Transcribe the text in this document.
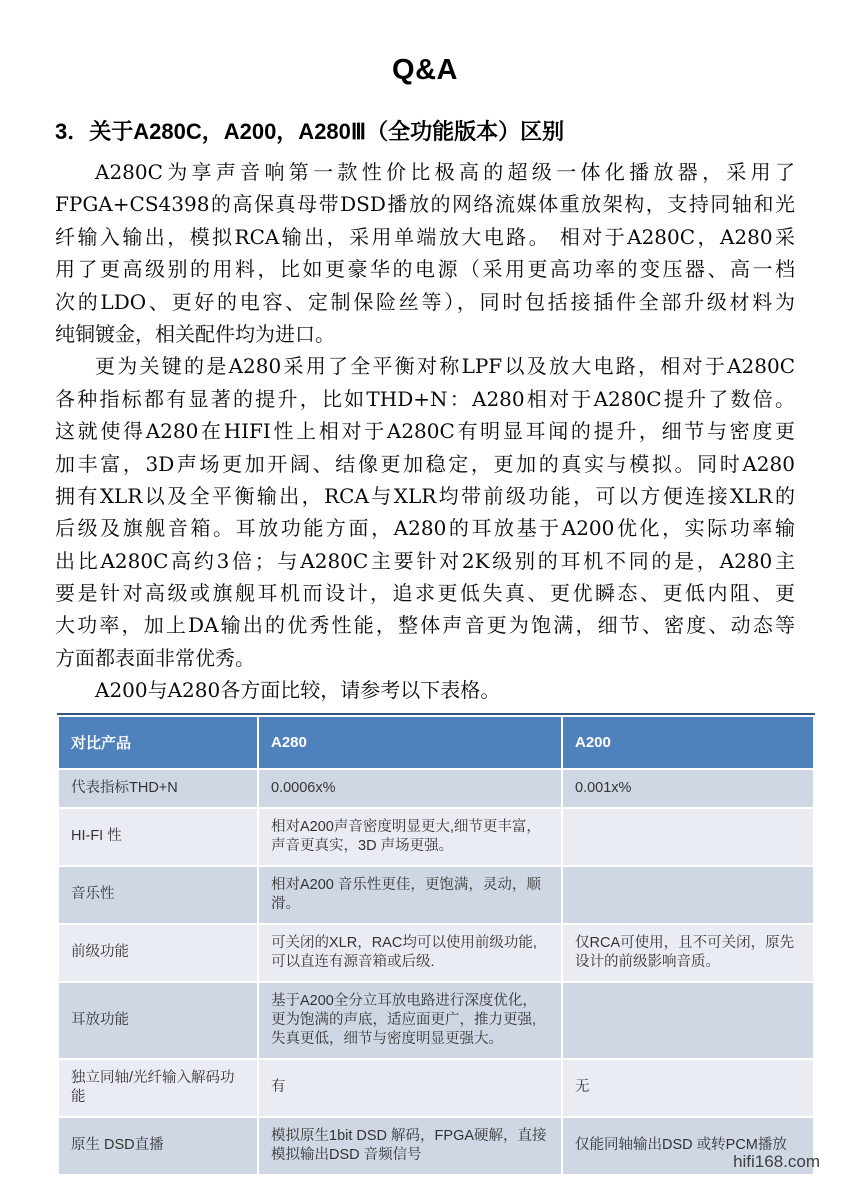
Q&A
3．关于A280C，A200，A280Ⅲ（全功能版本）区别
A280C为享声音响第一款性价比极高的超级一体化播放器，采用了
FPGA+CS4398的高保真母带DSD播放的网络流媒体重放架构，支持同轴和光
纤输入输出，模拟RCA输出，采用单端放大电路。 相对于A280C，A280采
用了更高级别的用料，比如更豪华的电源（采用更高功率的变压器、高一档
次的LDO、更好的电容、定制保险丝等），同时包括接插件全部升级材料为
纯铜镀金，相关配件均为进口。
更为关键的是A280采用了全平衡对称LPF以及放大电路，相对于A280C
各种指标都有显著的提升，比如THD+N：A280相对于A280C提升了数倍。
这就使得A280在HIFI性上相对于A280C有明显耳闻的提升，细节与密度更
加丰富，3D声场更加开阔、结像更加稳定，更加的真实与模拟。同时A280
拥有XLR以及全平衡输出，RCA与XLR均带前级功能，可以方便连接XLR的
后级及旗舰音箱。耳放功能方面，A280的耳放基于A200优化，实际功率输
出比A280C高约3倍；与A280C主要针对2K级别的耳机不同的是，A280主
要是针对高级或旗舰耳机而设计，追求更低失真、更优瞬态、更低内阻、更
大功率，加上DA输出的优秀性能，整体声音更为饱满，细节、密度、动态等
方面都表面非常优秀。
A200与A280各方面比较，请参考以下表格。
对比产品	A280	A200
代表指标THD+N	0.0006x%	0.001x%
HI-FI 性	相对A200声音密度明显更大,细节更丰富，声音更真实，3D 声场更强。	
音乐性	相对A200 音乐性更佳，更饱满，灵动，顺滑。	
前级功能	可关闭的XLR，RAC均可以使用前级功能, 可以直连有源音箱或后级.	仅RCA可使用，且不可关闭，原先设计的前级影响音质。
耳放功能	基于A200全分立耳放电路进行深度优化，更为饱满的声底，适应面更广，推力更强, 失真更低，细节与密度明显更强大。	
独立同轴/光纤输入解码功能	有	无
原生 DSD直播	模拟原生1bit DSD 解码，FPGA硬解，直接模拟输出DSD 音频信号	仅能同轴输出DSD 或转PCM播放
hifi168.com
